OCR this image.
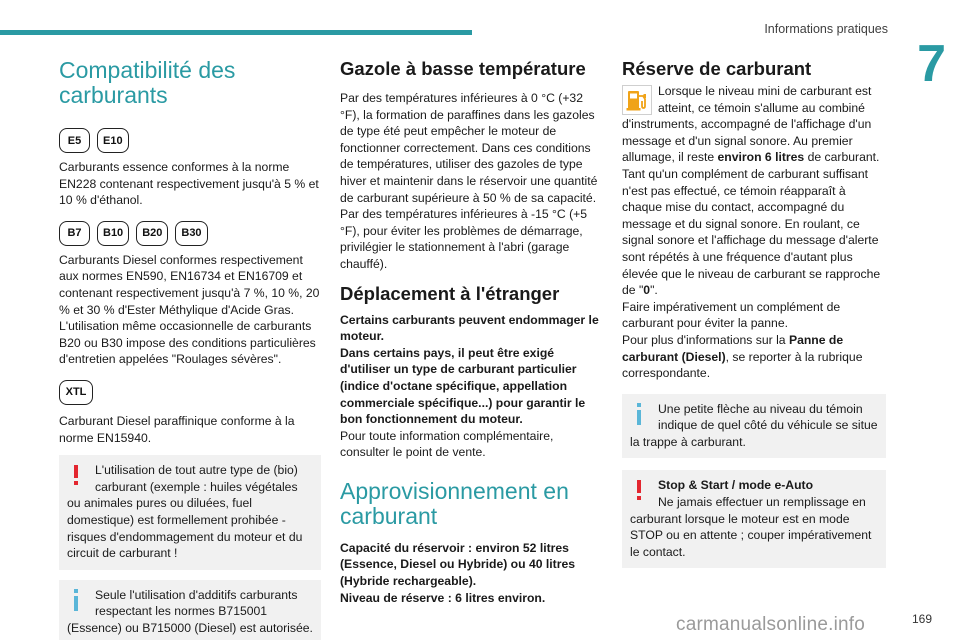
Informations pratiques
7
Compatibilité des carburants
E5	E10

Carburants essence conformes à la norme EN228 contenant respectivement jusqu'à 5 % et 10 % d'éthanol.

B7	B10	B20	B30

Carburants Diesel conformes respectivement aux normes EN590, EN16734 et EN16709 et contenant respectivement jusqu'à 7 %, 10 %, 20 % et 30 % d'Ester Méthylique d'Acide Gras. L'utilisation même occasionnelle de carburants B20 ou B30 impose des conditions particulières d'entretien appelées "Roulages sévères".

XTL

Carburant Diesel paraffinique conforme à la norme EN15940.

L'utilisation de tout autre type de (bio) carburant (exemple : huiles végétales ou animales pures ou diluées, fuel domestique) est formellement prohibée - risques d'endommagement du moteur et du circuit de carburant !
Seule l'utilisation d'additifs carburants respectant les normes B715001 (Essence) ou B715000 (Diesel) est autorisée.
Gazole à basse température

Par des températures inférieures à 0 °C (+32 °F), la formation de paraffines dans les gazoles de type été peut empêcher le moteur de fonctionner correctement. Dans ces conditions de températures, utiliser des gazoles de type hiver et maintenir dans le réservoir une quantité de carburant supérieure à 50 % de sa capacité.

Par des températures inférieures à -15 °C (+5 °F), pour éviter les problèmes de démarrage, privilégier le stationnement à l'abri (garage chauffé).

Déplacement à l'étranger

Certains carburants peuvent endommager le moteur.

Dans certains pays, il peut être exigé d'utiliser un type de carburant particulier (indice d'octane spécifique, appellation commerciale spécifique...) pour garantir le bon fonctionnement du moteur.

Pour toute information complémentaire, consulter le point de vente.

Approvisionnement en carburant

Capacité du réservoir : environ 52 litres (Essence, Diesel ou Hybride) ou 40 litres (Hybride rechargeable).

Niveau de réserve : 6 litres environ.

Réserve de carburant

Lorsque le niveau mini de carburant est atteint, ce témoin s'allume au combiné d'instruments, accompagné de l'affichage d'un message et d'un signal sonore. Au premier allumage, il reste environ 6 litres de carburant.

Tant qu'un complément de carburant suffisant n'est pas effectué, ce témoin réapparaît à chaque mise du contact, accompagné du message et du signal sonore. En roulant, ce signal sonore et l'affichage du message d'alerte sont répétés à une fréquence d'autant plus élevée que le niveau de carburant se rapproche de "0".

Faire impérativement un complément de carburant pour éviter la panne.

Pour plus d'informations sur la Panne de carburant (Diesel), se reporter à la rubrique correspondante.

Une petite flèche au niveau du témoin indique de quel côté du véhicule se situe la trappe à carburant.
Stop & Start / mode e-Auto
Ne jamais effectuer un remplissage en carburant lorsque le moteur est en mode STOP ou en attente ; couper impérativement le contact.
169
carmanualsonline.info
